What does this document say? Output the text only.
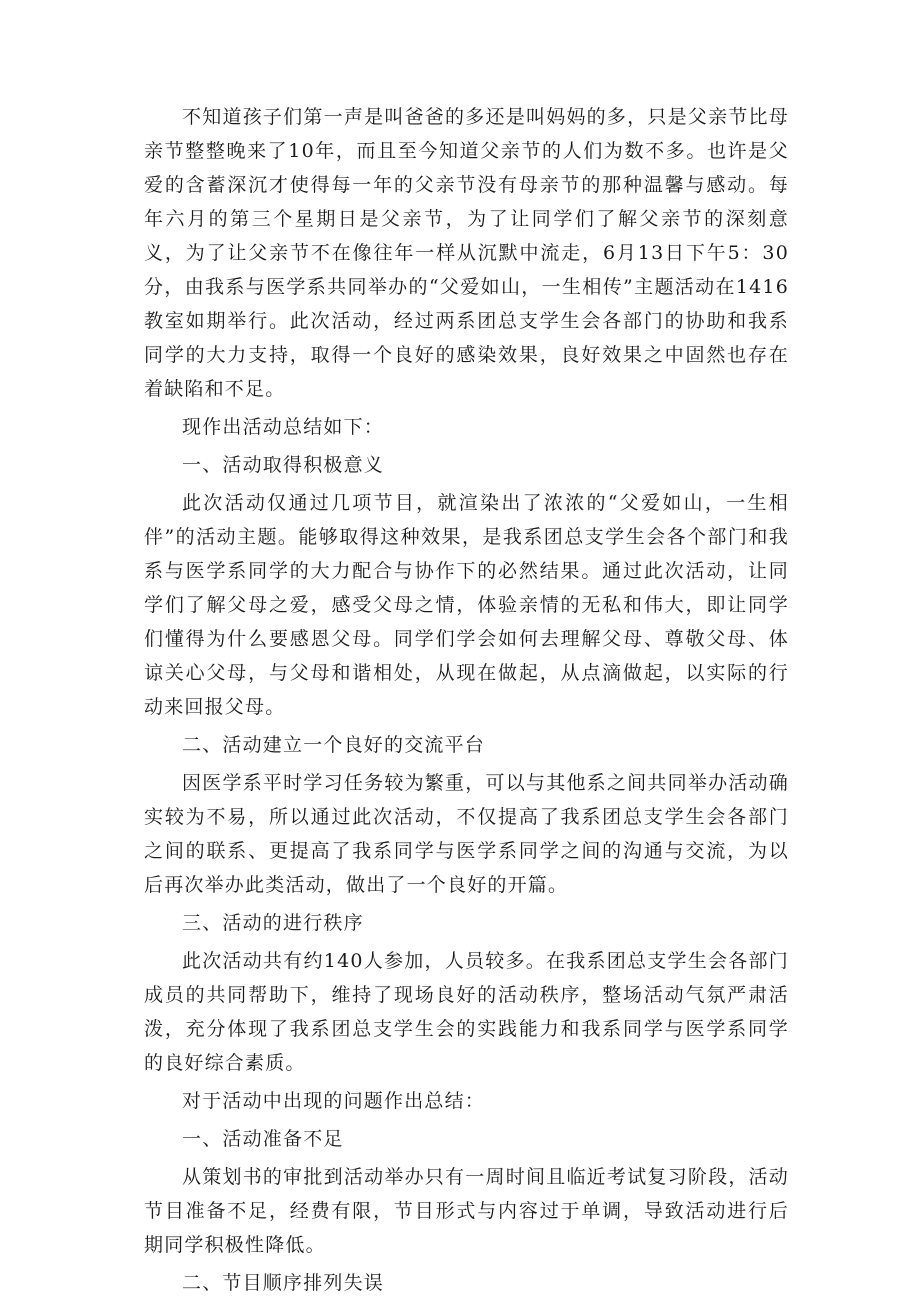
不知道孩子们第一声是叫爸爸的多还是叫妈妈的多，只是父亲节比母亲节整整晚来了10年，而且至今知道父亲节的人们为数不多。也许是父爱的含蓄深沉才使得每一年的父亲节没有母亲节的那种温馨与感动。每年六月的第三个星期日是父亲节，为了让同学们了解父亲节的深刻意义，为了让父亲节不在像往年一样从沉默中流走，6月13日下午5：30分，由我系与医学系共同举办的“父爱如山，一生相传”主题活动在1416教室如期举行。此次活动，经过两系团总支学生会各部门的协助和我系同学的大力支持，取得一个良好的感染效果，良好效果之中固然也存在着缺陷和不足。

现作出活动总结如下：

一、活动取得积极意义

此次活动仅通过几项节目，就渲染出了浓浓的“父爱如山，一生相伴”的活动主题。能够取得这种效果，是我系团总支学生会各个部门和我系与医学系同学的大力配合与协作下的必然结果。通过此次活动，让同学们了解父母之爱，感受父母之情，体验亲情的无私和伟大，即让同学们懂得为什么要感恩父母。同学们学会如何去理解父母、尊敬父母、体谅关心父母，与父母和谐相处，从现在做起，从点滴做起，以实际的行动来回报父母。

二、活动建立一个良好的交流平台

因医学系平时学习任务较为繁重，可以与其他系之间共同举办活动确实较为不易，所以通过此次活动，不仅提高了我系团总支学生会各部门之间的联系、更提高了我系同学与医学系同学之间的沟通与交流，为以后再次举办此类活动，做出了一个良好的开篇。

三、活动的进行秩序

此次活动共有约140人参加，人员较多。在我系团总支学生会各部门成员的共同帮助下，维持了现场良好的活动秩序，整场活动气氛严肃活泼，充分体现了我系团总支学生会的实践能力和我系同学与医学系同学的良好综合素质。

对于活动中出现的问题作出总结：

一、活动准备不足

从策划书的审批到活动举办只有一周时间且临近考试复习阶段，活动节目准备不足，经费有限，节目形式与内容过于单调，导致活动进行后期同学积极性降低。

二、节目顺序排列失误
